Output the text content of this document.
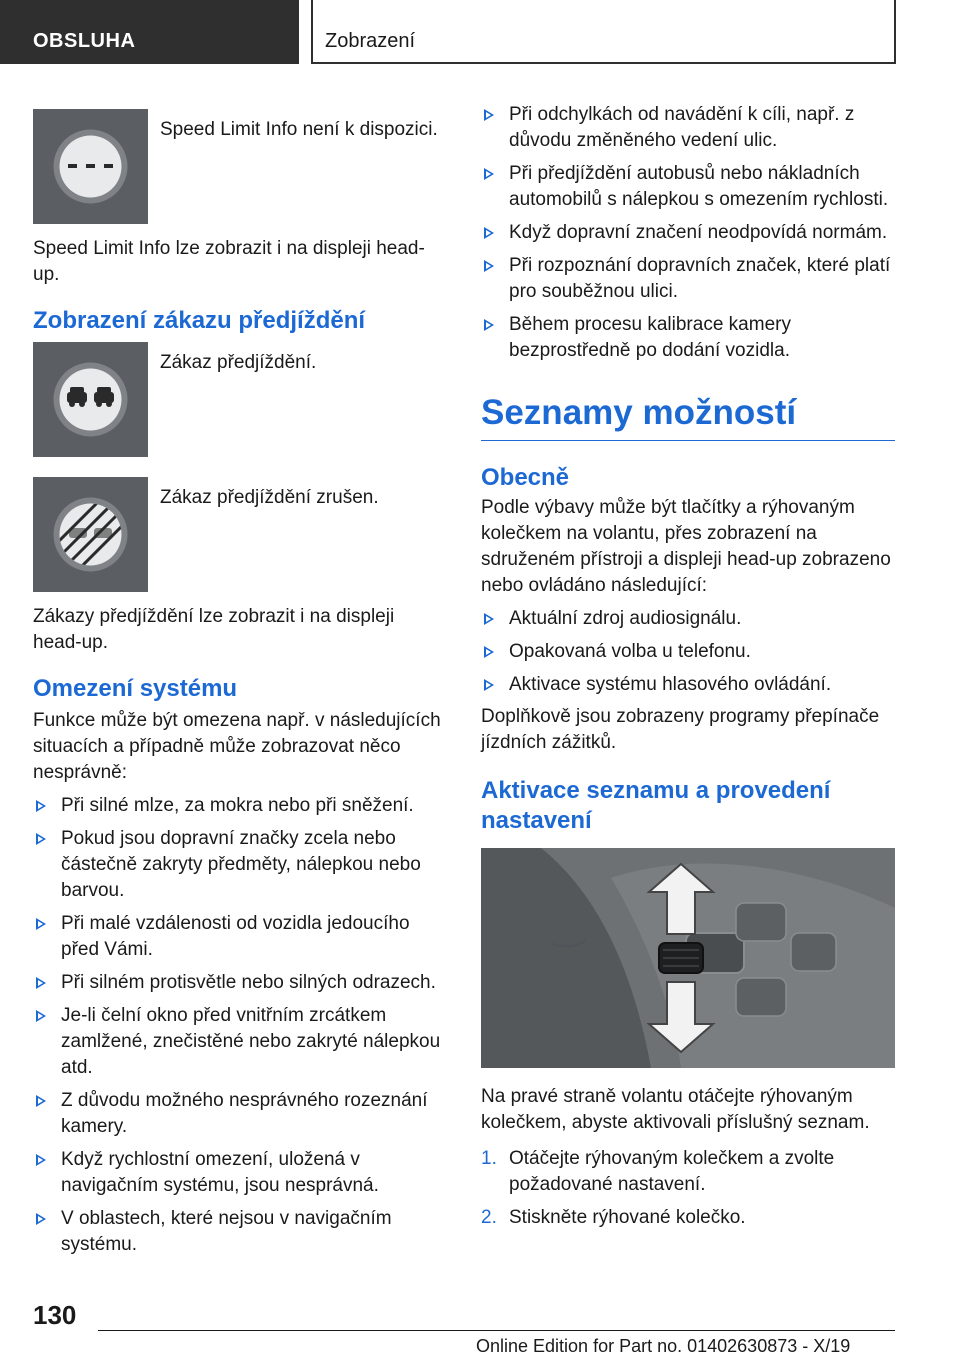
OBSLUHA	Zobrazení
Speed Limit Info není k dispozici.

Speed Limit Info lze zobrazit i na displeji head-up.

Zobrazení zákazu předjíždění
Zákaz předjíždění.
Zákaz předjíždění zrušen.

Zákazy předjíždění lze zobrazit i na displeji head-up.

Omezení systému

Funkce může být omezena např. v následujících situacích a případně může zobrazovat něco nesprávně:

Při silné mlze, za mokra nebo při sněžení.
Pokud jsou dopravní značky zcela nebo částečně zakryty předměty, nálepkou nebo barvou.
Při malé vzdálenosti od vozidla jedoucího před Vámi.
Při silném protisvětle nebo silných odrazech.
Je-li čelní okno před vnitřním zrcátkem zamlžené, znečistěné nebo zakryté nálepkou atd.
Z důvodu možného nesprávného rozeznání kamery.
Když rychlostní omezení, uložená v navigačním systému, jsou nesprávná.
V oblastech, které nejsou v navigačním systému.
Při odchylkách od navádění k cíli, např. z důvodu změněného vedení ulic.
Při předjíždění autobusů nebo nákladních automobilů s nálepkou s omezením rychlosti.
Když dopravní značení neodpovídá normám.
Při rozpoznání dopravních značek, které platí pro souběžnou ulici.
Během procesu kalibrace kamery bezprostředně po dodání vozidla.
Seznamy možností
Obecně

Podle výbavy může být tlačítky a rýhovaným kolečkem na volantu, přes zobrazení na sdruženém přístroji a displeji head-up zobrazeno nebo ovládáno následující:

Aktuální zdroj audiosignálu.
Opakovaná volba u telefonu.
Aktivace systému hlasového ovládání.

Doplňkově jsou zobrazeny programy přepínače jízdních zážitků.

Aktivace seznamu a provedení nastavení

Na pravé straně volantu otáčejte rýhovaným kolečkem, abyste aktivovali příslušný seznam.

1. Otáčejte rýhovaným kolečkem a zvolte požadované nastavení.
2. Stiskněte rýhované kolečko.
130
Online Edition for Part no. 01402630873 - X/19
